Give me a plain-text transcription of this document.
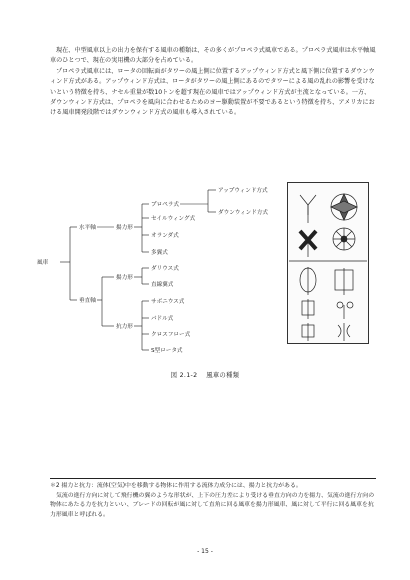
現在、中型風車以上の出力を保有する風車の種類は、その多くがプロペラ式風車である。プロペラ式風車は水平軸風車のひとつで、現在の実用機の大部分を占めている。

プロペラ式風車には、ロータの回転面がタワーの風上側に位置するアップウィンド方式と風下側に位置するダウンウィンド方式がある。アップウィンド方式は、ロータがタワーの風上側にあるのでタワーによる風の乱れの影響を受けないという特徴を持ち、ナセル重量が数10トンを超す現在の風車ではアップウィンド方式が主流となっている。一方、ダウンウィンド方式は、プロペラを風向に合わせるためのヨー駆動装置が不要であるという特徴を持ち、アメリカにおける風車開発段階ではダウンウィンド方式の風車も導入されている。

風車
水平軸	揚力形
プロペラ式
アップウィンド方式
ダウンウィンド方式
セイルウィング式
オランダ式
多翼式
垂直軸
揚力形
ダリウス式
直線翼式
抗力形
サボニウス式
パドル式
クロスフロー式
S型ロータ式
図 2.1-2　 風車の種類

＊2 揚力と抗力：流体(空気)中を移動する物体に作用する流体力成分には、揚力と抗力がある。

気流の進行方向に対して飛行機の翼のような形状が、上下の圧力差により受ける垂直方向の力を揚力、気流の進行方向の物体にあたる力を抗力といい、ブレードの回転が風に対して直角に回る風車を揚力形風車、風に対して平行に回る風車を抗力形風車と呼ばれる。

- 15 -
